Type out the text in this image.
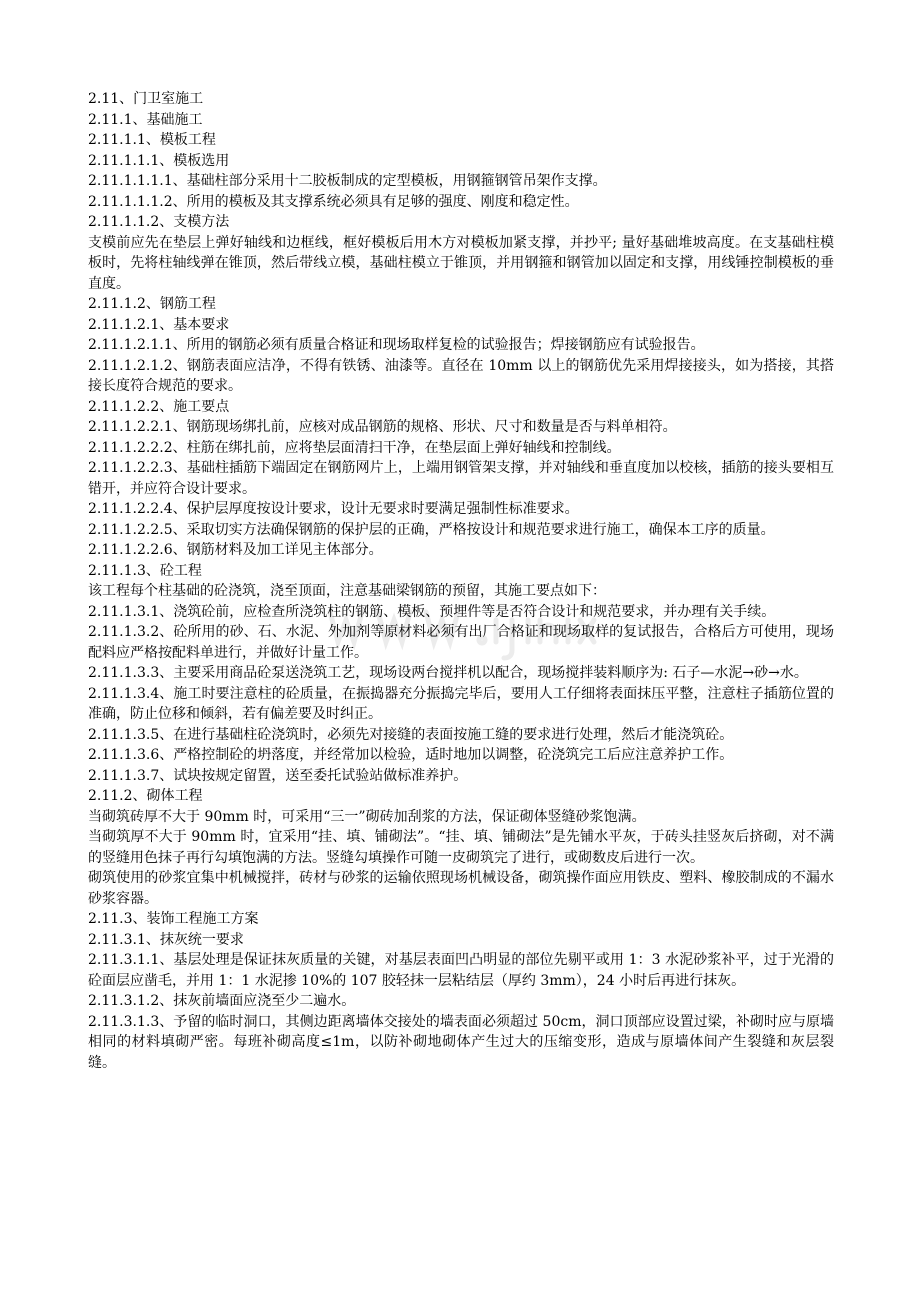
2.11、门卫室施工

2.11.1、基础施工

2.11.1.1、模板工程

2.11.1.1.1、模板选用

2.11.1.1.1.1、基础柱部分采用十二胶板制成的定型模板，用钢箍钢管吊架作支撑。

2.11.1.1.1.2、所用的模板及其支撑系统必须具有足够的强度、刚度和稳定性。

2.11.1.1.2、支模方法

支模前应先在垫层上弹好轴线和边框线，框好模板后用木方对模板加紧支撑，并抄平; 量好基础堆坡高度。在支基础柱模板时，先将柱轴线弹在锥顶，然后带线立模，基础柱模立于锥顶，并用钢箍和钢管加以固定和支撑，用线锤控制模板的垂直度。

2.11.1.2、钢筋工程

2.11.1.2.1、基本要求

2.11.1.2.1.1、所用的钢筋必须有质量合格证和现场取样复检的试验报告；焊接钢筋应有试验报告。

2.11.1.2.1.2、钢筋表面应洁净，不得有铁锈、油漆等。直径在 10mm 以上的钢筋优先采用焊接接头，如为搭接，其搭接长度符合规范的要求。

2.11.1.2.2、施工要点

2.11.1.2.2.1、钢筋现场绑扎前，应核对成品钢筋的规格、形状、尺寸和数量是否与料单相符。

2.11.1.2.2.2、柱筋在绑扎前，应将垫层面清扫干净，在垫层面上弹好轴线和控制线。

2.11.1.2.2.3、基础柱插筋下端固定在钢筋网片上，上端用钢管架支撑，并对轴线和垂直度加以校核，插筋的接头要相互错开，并应符合设计要求。

2.11.1.2.2.4、保护层厚度按设计要求，设计无要求时要满足强制性标准要求。

2.11.1.2.2.5、采取切实方法确保钢筋的保护层的正确，严格按设计和规范要求进行施工，确保本工序的质量。

2.11.1.2.2.6、钢筋材料及加工详见主体部分。

2.11.1.3、砼工程

该工程每个柱基础的砼浇筑，浇至顶面，注意基础梁钢筋的预留，其施工要点如下：

2.11.1.3.1、浇筑砼前，应检查所浇筑柱的钢筋、模板、预埋件等是否符合设计和规范要求，并办理有关手续。

2.11.1.3.2、砼所用的砂、石、水泥、外加剂等原材料必须有出厂合格证和现场取样的复试报告，合格后方可使用，现场配料应严格按配料单进行，并做好计量工作。

2.11.1.3.3、主要采用商品砼泵送浇筑工艺，现场设两台搅拌机以配合，现场搅拌装料顺序为: 石子—水泥→砂→水。

2.11.1.3.4、施工时要注意柱的砼质量，在振捣器充分振捣完毕后，要用人工仔细将表面抹压平整，注意柱子插筋位置的准确，防止位移和倾斜，若有偏差要及时纠正。

2.11.1.3.5、在进行基础柱砼浇筑时，必须先对接缝的表面按施工缝的要求进行处理，然后才能浇筑砼。

2.11.1.3.6、严格控制砼的坍落度，并经常加以检验，适时地加以调整，砼浇筑完工后应注意养护工作。

2.11.1.3.7、试块按规定留置，送至委托试验站做标准养护。

2.11.2、砌体工程

当砌筑砖厚不大于 90mm 时，可采用“三一”砌砖加刮浆的方法，保证砌体竖缝砂浆饱满。

当砌筑厚不大于 90mm 时，宜采用“挂、填、铺砌法”。“挂、填、铺砌法”是先铺水平灰，于砖头挂竖灰后挤砌，对不满的竖缝用色抹子再行勾填饱满的方法。竖缝勾填操作可随一皮砌筑完了进行，或砌数皮后进行一次。

砌筑使用的砂浆宜集中机械搅拌，砖材与砂浆的运输依照现场机械设备，砌筑操作面应用铁皮、塑料、橡胶制成的不漏水砂浆容器。

2.11.3、装饰工程施工方案

2.11.3.1、抹灰统一要求

2.11.3.1.1、基层处理是保证抹灰质量的关键，对基层表面凹凸明显的部位先剔平或用 1：3 水泥砂浆补平，过于光滑的砼面层应凿毛，并用 1：1 水泥掺 10%的 107 胶轻抹一层粘结层（厚约 3mm），24 小时后再进行抹灰。

2.11.3.1.2、抹灰前墙面应浇至少二遍水。

2.11.3.1.3、予留的临时洞口，其侧边距离墙体交接处的墙表面必须超过 50cm，洞口顶部应设置过梁，补砌时应与原墙相同的材料填砌严密。每班补砌高度≤1m，以防补砌地砌体产生过大的压缩变形，造成与原墙体间产生裂缝和灰层裂缝。
